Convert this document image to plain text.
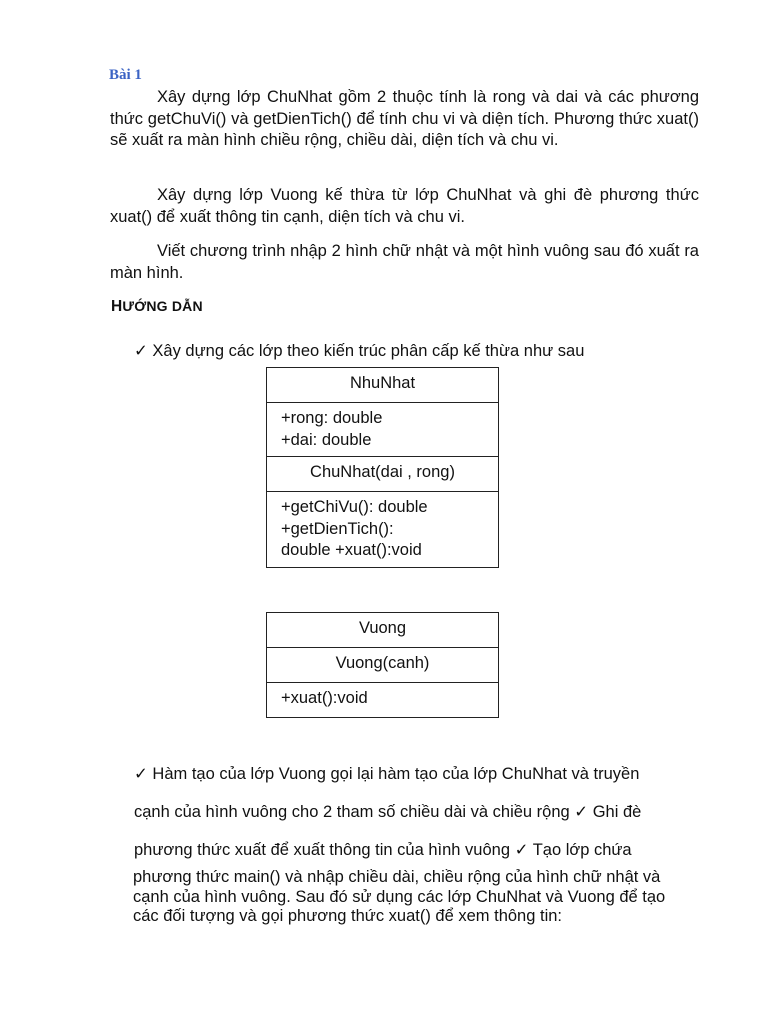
Bài 1
Xây dựng lớp ChuNhat gồm 2 thuộc tính là rong và dai và các phương thức getChuVi() và getDienTich() để tính chu vi và diện tích. Phương thức xuat() sẽ xuất ra màn hình chiều rộng, chiều dài, diện tích và chu vi.
Xây dựng lớp Vuong kế thừa từ lớp ChuNhat và ghi đè phương thức xuat() để xuất thông tin cạnh, diện tích và chu vi.
Viết chương trình nhập 2 hình chữ nhật và một hình vuông sau đó xuất ra màn hình.
HƯỚNG DẪN
✓ Xây dựng các lớp theo kiến trúc phân cấp kế thừa như sau
NhuNhat
+rong: double
+dai: double
ChuNhat(dai , rong)
+getChiVu(): double
+getDienTich():
double +xuat():void
Vuong
Vuong(canh)
+xuat():void
✓ Hàm tạo của lớp Vuong gọi lại hàm tạo của lớp ChuNhat và truyền
cạnh của hình vuông cho 2 tham số chiều dài và chiều rộng ✓ Ghi đè
phương thức xuất để xuất thông tin của hình vuông ✓ Tạo lớp chứa
phương thức main() và nhập chiều dài, chiều rộng của hình chữ nhật và cạnh của hình vuông. Sau đó sử dụng các lớp ChuNhat và Vuong để tạo các đối tượng và gọi phương thức xuat() để xem thông tin:
